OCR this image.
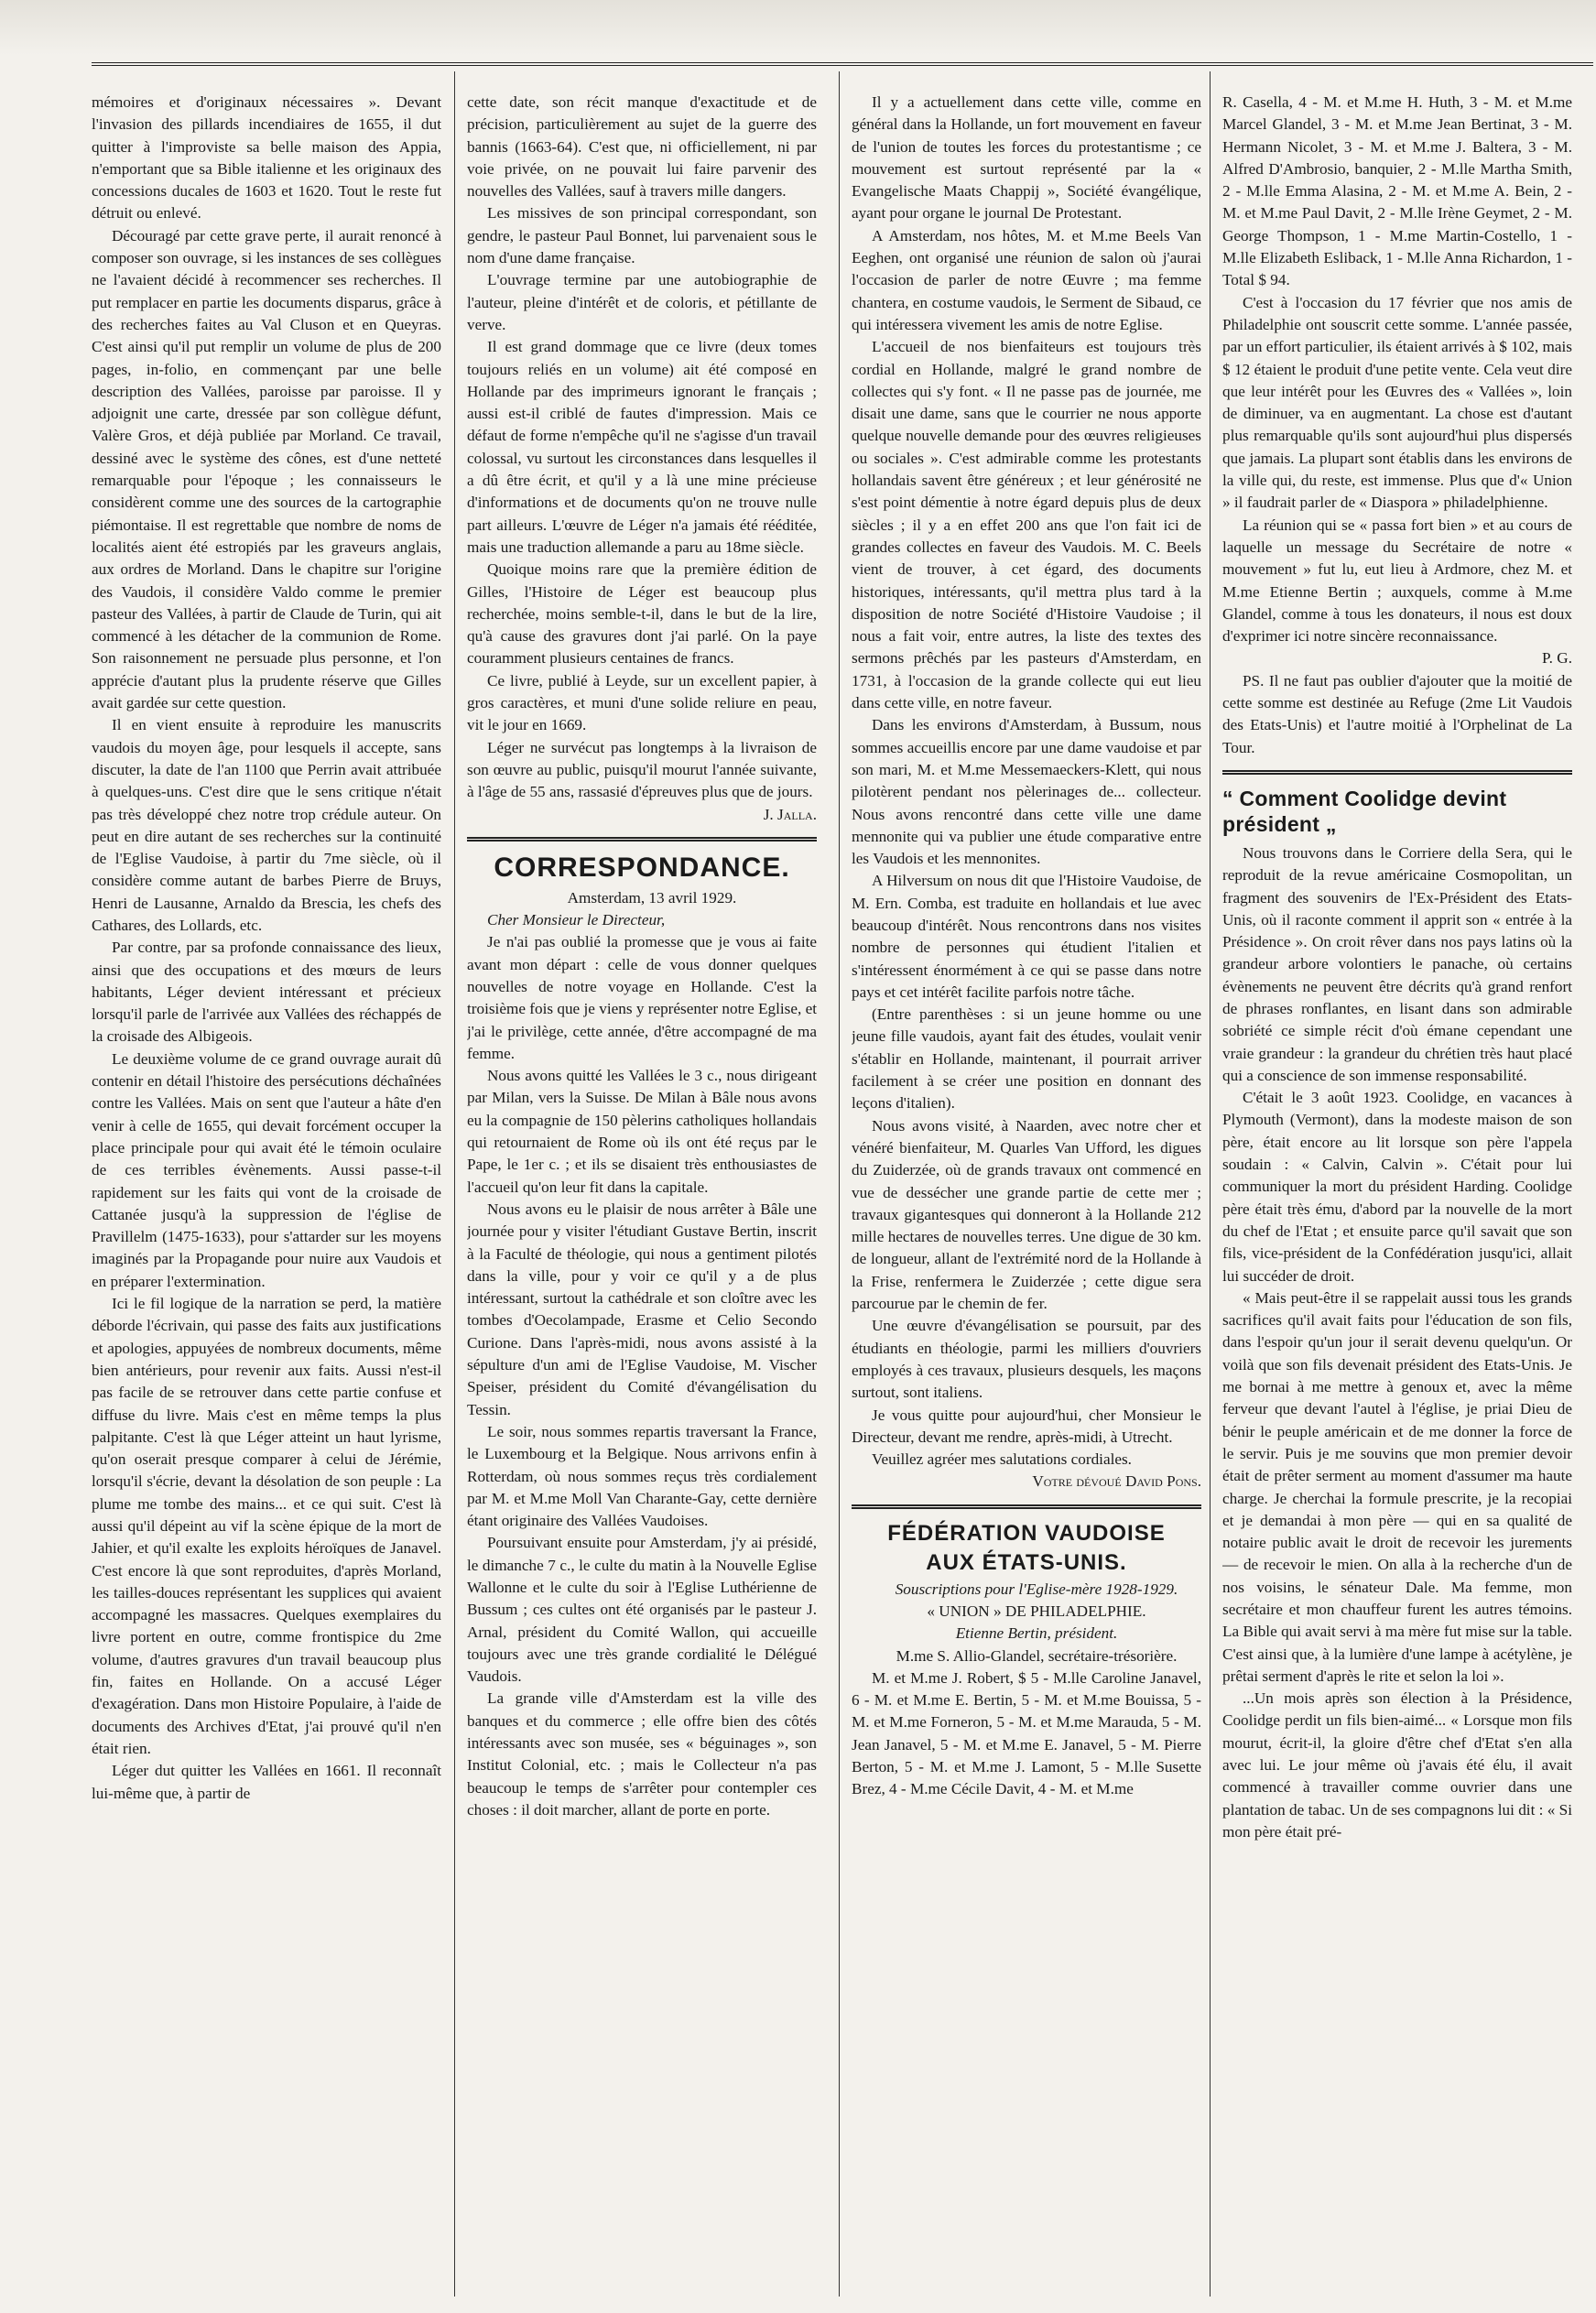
mémoires et d'originaux nécessaires ». Devant l'invasion des pillards incendiaires de 1655, il dut quitter à l'improviste sa belle maison des Appia, n'emportant que sa Bible italienne et les originaux des concessions ducales de 1603 et 1620. Tout le reste fut détruit ou enlevé.

Découragé par cette grave perte, il aurait renoncé à composer son ouvrage, si les instances de ses collègues ne l'avaient décidé à recommencer ses recherches. Il put remplacer en partie les documents disparus, grâce à des recherches faites au Val Cluson et en Queyras. C'est ainsi qu'il put remplir un volume de plus de 200 pages, in-folio, en commençant par une belle description des Vallées, paroisse par paroisse. Il y adjoignit une carte, dressée par son collègue défunt, Valère Gros, et déjà publiée par Morland. Ce travail, dessiné avec le système des cônes, est d'une netteté remarquable pour l'époque ; les connaisseurs le considèrent comme une des sources de la cartographie piémontaise. Il est regrettable que nombre de noms de localités aient été estropiés par les graveurs anglais, aux ordres de Morland. Dans le chapitre sur l'origine des Vaudois, il considère Valdo comme le premier pasteur des Vallées, à partir de Claude de Turin, qui ait commencé à les détacher de la communion de Rome. Son raisonnement ne persuade plus personne, et l'on apprécie d'autant plus la prudente réserve que Gilles avait gardée sur cette question.

Il en vient ensuite à reproduire les manuscrits vaudois du moyen âge, pour lesquels il accepte, sans discuter, la date de l'an 1100 que Perrin avait attribuée à quelques-uns. C'est dire que le sens critique n'était pas très développé chez notre trop crédule auteur. On peut en dire autant de ses recherches sur la continuité de l'Eglise Vaudoise, à partir du 7me siècle, où il considère comme autant de barbes Pierre de Bruys, Henri de Lausanne, Arnaldo da Brescia, les chefs des Cathares, des Lollards, etc.

Par contre, par sa profonde connaissance des lieux, ainsi que des occupations et des mœurs de leurs habitants, Léger devient intéressant et précieux lorsqu'il parle de l'arrivée aux Vallées des réchappés de la croisade des Albigeois.

Le deuxième volume de ce grand ouvrage aurait dû contenir en détail l'histoire des persécutions déchaînées contre les Vallées. Mais on sent que l'auteur a hâte d'en venir à celle de 1655, qui devait forcément occuper la place principale pour qui avait été le témoin oculaire de ces terribles évènements. Aussi passe-t-il rapidement sur les faits qui vont de la croisade de Cattanée jusqu'à la suppression de l'église de Pravillelm (1475-1633), pour s'attarder sur les moyens imaginés par la Propagande pour nuire aux Vaudois et en préparer l'extermination.

Ici le fil logique de la narration se perd, la matière déborde l'écrivain, qui passe des faits aux justifications et apologies, appuyées de nombreux documents, même bien antérieurs, pour revenir aux faits. Aussi n'est-il pas facile de se retrouver dans cette partie confuse et diffuse du livre. Mais c'est en même temps la plus palpitante. C'est là que Léger atteint un haut lyrisme, qu'on oserait presque comparer à celui de Jérémie, lorsqu'il s'écrie, devant la désolation de son peuple : La plume me tombe des mains... et ce qui suit. C'est là aussi qu'il dépeint au vif la scène épique de la mort de Jahier, et qu'il exalte les exploits héroïques de Janavel. C'est encore là que sont reproduites, d'après Morland, les tailles-douces représentant les supplices qui avaient accompagné les massacres. Quelques exemplaires du livre portent en outre, comme frontispice du 2me volume, d'autres gravures d'un travail beaucoup plus fin, faites en Hollande. On a accusé Léger d'exagération. Dans mon Histoire Populaire, à l'aide de documents des Archives d'Etat, j'ai prouvé qu'il n'en était rien.

Léger dut quitter les Vallées en 1661. Il reconnaît lui-même que, à partir de

cette date, son récit manque d'exactitude et de précision, particulièrement au sujet de la guerre des bannis (1663-64). C'est que, ni officiellement, ni par voie privée, on ne pouvait lui faire parvenir des nouvelles des Vallées, sauf à travers mille dangers.

Les missives de son principal correspondant, son gendre, le pasteur Paul Bonnet, lui parvenaient sous le nom d'une dame française.

L'ouvrage termine par une autobiographie de l'auteur, pleine d'intérêt et de coloris, et pétillante de verve.

Il est grand dommage que ce livre (deux tomes toujours reliés en un volume) ait été composé en Hollande par des imprimeurs ignorant le français ; aussi est-il criblé de fautes d'impression. Mais ce défaut de forme n'empêche qu'il ne s'agisse d'un travail colossal, vu surtout les circonstances dans lesquelles il a dû être écrit, et qu'il y a là une mine précieuse d'informations et de documents qu'on ne trouve nulle part ailleurs. L'œuvre de Léger n'a jamais été rééditée, mais une traduction allemande a paru au 18me siècle.

Quoique moins rare que la première édition de Gilles, l'Histoire de Léger est beaucoup plus recherchée, moins semble-t-il, dans le but de la lire, qu'à cause des gravures dont j'ai parlé. On la paye couramment plusieurs centaines de francs.

Ce livre, publié à Leyde, sur un excellent papier, à gros caractères, et muni d'une solide reliure en peau, vit le jour en 1669.

Léger ne survécut pas longtemps à la livraison de son œuvre au public, puisqu'il mourut l'année suivante, à l'âge de 55 ans, rassasié d'épreuves plus que de jours.

J. Jalla.

CORRESPONDANCE.

Amsterdam, 13 avril 1929.

Cher Monsieur le Directeur,

Je n'ai pas oublié la promesse que je vous ai faite avant mon départ : celle de vous donner quelques nouvelles de notre voyage en Hollande. C'est la troisième fois que je viens y représenter notre Eglise, et j'ai le privilège, cette année, d'être accompagné de ma femme.

Nous avons quitté les Vallées le 3 c., nous dirigeant par Milan, vers la Suisse. De Milan à Bâle nous avons eu la compagnie de 150 pèlerins catholiques hollandais qui retournaient de Rome où ils ont été reçus par le Pape, le 1er c. ; et ils se disaient très enthousiastes de l'accueil qu'on leur fit dans la capitale.

Nous avons eu le plaisir de nous arrêter à Bâle une journée pour y visiter l'étudiant Gustave Bertin, inscrit à la Faculté de théologie, qui nous a gentiment pilotés dans la ville, pour y voir ce qu'il y a de plus intéressant, surtout la cathédrale et son cloître avec les tombes d'Oecolampade, Erasme et Celio Secondo Curione. Dans l'après-midi, nous avons assisté à la sépulture d'un ami de l'Eglise Vaudoise, M. Vischer Speiser, président du Comité d'évangélisation du Tessin.

Le soir, nous sommes repartis traversant la France, le Luxembourg et la Belgique. Nous arrivons enfin à Rotterdam, où nous sommes reçus très cordialement par M. et M.me Moll Van Charante-Gay, cette dernière étant originaire des Vallées Vaudoises.

Poursuivant ensuite pour Amsterdam, j'y ai présidé, le dimanche 7 c., le culte du matin à la Nouvelle Eglise Wallonne et le culte du soir à l'Eglise Luthérienne de Bussum ; ces cultes ont été organisés par le pasteur J. Arnal, président du Comité Wallon, qui accueille toujours avec une très grande cordialité le Délégué Vaudois.

La grande ville d'Amsterdam est la ville des banques et du commerce ; elle offre bien des côtés intéressants avec son musée, ses « béguinages », son Institut Colonial, etc. ; mais le Collecteur n'a pas beaucoup le temps de s'arrêter pour contempler ces choses : il doit marcher, allant de porte en porte.

Il y a actuellement dans cette ville, comme en général dans la Hollande, un fort mouvement en faveur de l'union de toutes les forces du protestantisme ; ce mouvement est surtout représenté par la « Evangelische Maats Chappij », Société évangélique, ayant pour organe le journal De Protestant.

A Amsterdam, nos hôtes, M. et M.me Beels Van Eeghen, ont organisé une réunion de salon où j'aurai l'occasion de parler de notre Œuvre ; ma femme chantera, en costume vaudois, le Serment de Sibaud, ce qui intéressera vivement les amis de notre Eglise.

L'accueil de nos bienfaiteurs est toujours très cordial en Hollande, malgré le grand nombre de collectes qui s'y font. « Il ne passe pas de journée, me disait une dame, sans que le courrier ne nous apporte quelque nouvelle demande pour des œuvres religieuses ou sociales ». C'est admirable comme les protestants hollandais savent être généreux ; et leur générosité ne s'est point démentie à notre égard depuis plus de deux siècles ; il y a en effet 200 ans que l'on fait ici de grandes collectes en faveur des Vaudois. M. C. Beels vient de trouver, à cet égard, des documents historiques, intéressants, qu'il mettra plus tard à la disposition de notre Société d'Histoire Vaudoise ; il nous a fait voir, entre autres, la liste des textes des sermons prêchés par les pasteurs d'Amsterdam, en 1731, à l'occasion de la grande collecte qui eut lieu dans cette ville, en notre faveur.

Dans les environs d'Amsterdam, à Bussum, nous sommes accueillis encore par une dame vaudoise et par son mari, M. et M.me Messemaeckers-Klett, qui nous pilotèrent pendant nos pèlerinages de... collecteur. Nous avons rencontré dans cette ville une dame mennonite qui va publier une étude comparative entre les Vaudois et les mennonites.

A Hilversum on nous dit que l'Histoire Vaudoise, de M. Ern. Comba, est traduite en hollandais et lue avec beaucoup d'intérêt. Nous rencontrons dans nos visites nombre de personnes qui étudient l'italien et s'intéressent énormément à ce qui se passe dans notre pays et cet intérêt facilite parfois notre tâche.

(Entre parenthèses : si un jeune homme ou une jeune fille vaudois, ayant fait des études, voulait venir s'établir en Hollande, maintenant, il pourrait arriver facilement à se créer une position en donnant des leçons d'italien).

Nous avons visité, à Naarden, avec notre cher et vénéré bienfaiteur, M. Quarles Van Ufford, les digues du Zuiderzée, où de grands travaux ont commencé en vue de dessécher une grande partie de cette mer ; travaux gigantesques qui donneront à la Hollande 212 mille hectares de nouvelles terres. Une digue de 30 km. de longueur, allant de l'extrémité nord de la Hollande à la Frise, renfermera le Zuiderzée ; cette digue sera parcourue par le chemin de fer.

Une œuvre d'évangélisation se poursuit, par des étudiants en théologie, parmi les milliers d'ouvriers employés à ces travaux, plusieurs desquels, les maçons surtout, sont italiens.

Je vous quitte pour aujourd'hui, cher Monsieur le Directeur, devant me rendre, après-midi, à Utrecht.

Veuillez agréer mes salutations cordiales.

Votre dévoué David Pons.

FÉDÉRATION VAUDOISE
AUX ÉTATS-UNIS.

Souscriptions pour l'Eglise-mère 1928-1929.

« UNION » DE PHILADELPHIE.

Etienne Bertin, président.

M.me S. Allio-Glandel, secrétaire-trésorière.

M. et M.me J. Robert, $ 5 - M.lle Caroline Janavel, 6 - M. et M.me E. Bertin, 5 - M. et M.me Bouissa, 5 - M. et M.me Forneron, 5 - M. et M.me Marauda, 5 - M. Jean Janavel, 5 - M. et M.me E. Janavel, 5 - M. Pierre Berton, 5 - M. et M.me J. Lamont, 5 - M.lle Susette Brez, 4 - M.me Cécile Davit, 4 - M. et M.me

R. Casella, 4 - M. et M.me H. Huth, 3 - M. et M.me Marcel Glandel, 3 - M. et M.me Jean Bertinat, 3 - M. Hermann Nicolet, 3 - M. et M.me J. Baltera, 3 - M. Alfred D'Ambrosio, banquier, 2 - M.lle Martha Smith, 2 - M.lle Emma Alasina, 2 - M. et M.me A. Bein, 2 - M. et M.me Paul Davit, 2 - M.lle Irène Geymet, 2 - M. George Thompson, 1 - M.me Martin-Costello, 1 - M.lle Elizabeth Esliback, 1 - M.lle Anna Richardon, 1 - Total $ 94.

C'est à l'occasion du 17 février que nos amis de Philadelphie ont souscrit cette somme. L'année passée, par un effort particulier, ils étaient arrivés à $ 102, mais $ 12 étaient le produit d'une petite vente. Cela veut dire que leur intérêt pour les Œuvres des « Vallées », loin de diminuer, va en augmentant. La chose est d'autant plus remarquable qu'ils sont aujourd'hui plus dispersés que jamais. La plupart sont établis dans les environs de la ville qui, du reste, est immense. Plus que d'« Union » il faudrait parler de « Diaspora » philadelphienne.

La réunion qui se « passa fort bien » et au cours de laquelle un message du Secrétaire de notre « mouvement » fut lu, eut lieu à Ardmore, chez M. et M.me Etienne Bertin ; auxquels, comme à M.me Glandel, comme à tous les donateurs, il nous est doux d'exprimer ici notre sincère reconnaissance.

P. G.

PS. Il ne faut pas oublier d'ajouter que la moitié de cette somme est destinée au Refuge (2me Lit Vaudois des Etats-Unis) et l'autre moitié à l'Orphelinat de La Tour.

“ Comment Coolidge devint président „

Nous trouvons dans le Corriere della Sera, qui le reproduit de la revue américaine Cosmopolitan, un fragment des souvenirs de l'Ex-Président des Etats-Unis, où il raconte comment il apprit son « entrée à la Présidence ». On croit rêver dans nos pays latins où la grandeur arbore volontiers le panache, où certains évènements ne peuvent être décrits qu'à grand renfort de phrases ronflantes, en lisant dans son admirable sobriété ce simple récit d'où émane cependant une vraie grandeur : la grandeur du chrétien très haut placé qui a conscience de son immense responsabilité.

C'était le 3 août 1923. Coolidge, en vacances à Plymouth (Vermont), dans la modeste maison de son père, était encore au lit lorsque son père l'appela soudain : « Calvin, Calvin ». C'était pour lui communiquer la mort du président Harding. Coolidge père était très ému, d'abord par la nouvelle de la mort du chef de l'Etat ; et ensuite parce qu'il savait que son fils, vice-président de la Confédération jusqu'ici, allait lui succéder de droit.

« Mais peut-être il se rappelait aussi tous les grands sacrifices qu'il avait faits pour l'éducation de son fils, dans l'espoir qu'un jour il serait devenu quelqu'un. Or voilà que son fils devenait président des Etats-Unis. Je me bornai à me mettre à genoux et, avec la même ferveur que devant l'autel à l'église, je priai Dieu de bénir le peuple américain et de me donner la force de le servir. Puis je me souvins que mon premier devoir était de prêter serment au moment d'assumer ma haute charge. Je cherchai la formule prescrite, je la recopiai et je demandai à mon père — qui en sa qualité de notaire public avait le droit de recevoir les jurements — de recevoir le mien. On alla à la recherche d'un de nos voisins, le sénateur Dale. Ma femme, mon secrétaire et mon chauffeur furent les autres témoins. La Bible qui avait servi à ma mère fut mise sur la table. C'est ainsi que, à la lumière d'une lampe à acétylène, je prêtai serment d'après le rite et selon la loi ».

...Un mois après son élection à la Présidence, Coolidge perdit un fils bien-aimé... « Lorsque mon fils mourut, écrit-il, la gloire d'être chef d'Etat s'en alla avec lui. Le jour même où j'avais été élu, il avait commencé à travailler comme ouvrier dans une plantation de tabac. Un de ses compagnons lui dit : « Si mon père était pré-
